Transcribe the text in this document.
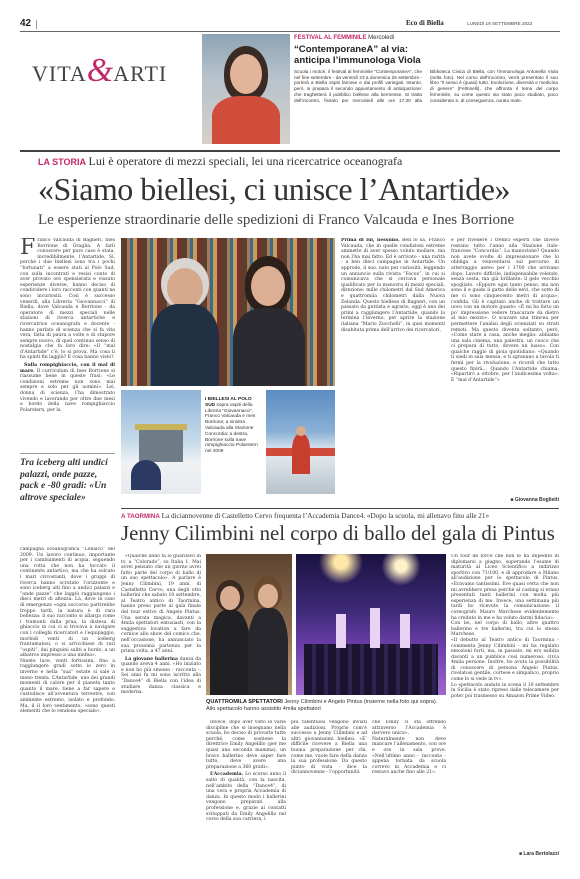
42	Eco di Biella	LUNEDÌ 19 SETTEMBRE 2022
VITA&ARTI
FESTIVAL AL FEMMINILE Mercoledì
“ContemporaneA” al via: anticipa l’immunologa Viola
Scuola i motori, il festival al femminile “ContemporaneA”, che nel fine settembre - da venerdì 23 a domenica 25 settembre - porterà a Biella ospiti famose e dai profili variegati. Intanto, però, si prepara il secondo appuntamento di anticipazione: che traghetterà il pubblico biellese alla kermesse. Si tratta dell’incontro, fissato per mercoledì alle ore 17.30 alla Biblioteca Civica di Biella, con l’immunologa Antonella Viola (nella foto). Nel corso dell’incontro, verrà presentato il suo libro “Il sesso è (quasi) tutto. Evoluzione, diversità e medicina di genere” (Feltrinelli), che affronta il tema del corpo femminile, su come questo sia stato poco studiato, poco considerato e, di conseguenza, curato male.
LA STORIA Lui è operatore di mezzi speciali, lei una ricercatrice oceanografa
«Siamo biellesi, ci unisce l’Antartide»
Le esperienze straordinarie delle spedizioni di Franco Valcauda e Ines Borrione

Franco Valcauda di Bagneri, Ines Borrione di Graglia. A farli conoscere per puro caso è stata, incredibilmente, l’Antartide. Sì, perché i due biellesi sono tra i pochi “fortunati” a essere stati al Polo Sud, con sulla incontrati e resisi conto di aver provato ore spensierata e vissuto esperienze diverse, hanno deciso di condividere i loro racconti con quanti ne sono incuriositi. Così è successo venerdì, alla Libreria “Giovannacci” di Biella, dove Valcauda e Borrione - da operatore di mezzi speciali nelle stazioni di ricerca antartiche e ricercatrice oceanografa e docente - hanno parlato di scienza che si fa vita vera, fatta di paura a volte e di stupore sempre nuovo, di quel continuo senso di nostalgia che fa loro dire: «Il “mal d’Antartide” c’è, lo si prova. Ma cosa li ha spinti fin laggiù? E cosa hanno visto?

Sulla rompighiaccio, con il mal di mare. Il curriculum di Ines Borrione si riassume bene in queste frasi: «Le condizioni estreme non sono mai sempre e solo per gli uomini». Lei, donna di scienza, l’ha dimostrato vivendo e lavorando per oltre due mesi a bordo della nave rompighiaccio Polarstern, per la

Prima di lui, nessuno. Ben lo sa, Franco Valcauda, che in quelle condizioni estreme ammette di aver spesso voluto mollare, ma non l’ha mai fatto. Ed è arrivato - una rarità - a ben dieci campagne in Antartide. Un approdo, il suo, nato per curiosità, leggendo un annuncio sulla rivista “Focus”, in cui si comunicava che si cercava personale qualificato per la manovra di mezzi speciali, direzione: mille chilometri dal Sud America e quattromila chilometri dalla Nuova Zelanda. Questo biellese di Bagneri, con un passato da guttista e agrario, oggi è uno dei primi a raggiungere l’Antartide, quando la termina l’inverno, per aprire la stazione italiana “Mario Zucchelli”, in quei momenti disabitata prima dell’arrivo dei ricercatori,

e per rivedere i tredici esperti che invece restano tutto l’anno alla Stazione italo-francese “Concordia”. La manovione? Quando non avete svolte di impressionare che lo obbliga a reinventarsi sul percorso di atterraggio aereo per i 1700 che arrivano dopo. Lavoro difficile, indispensabile volendo, senza sosta, ma già brillante: il gelo vecchio spogliato. «Eppure ogni tanto penso, ma non sono lì e guido il gatto delle nevi, che sotto di me ci sono cinquecento metri di acqua», confida. Gli è capitato anche di trattare un uovo con un motore guasto: «È mi ha fatto un po’ impressione vedere trascurare da dietro al mio mezzo». O scavare una trincea per permettere l’analisi degli scienziati su strati remoti. Ma questo diventa soltanto, però, «Come stare a casa, anche meglio: abbiamo una sala cinema, una palestra, un cuoco che ci prepara di tutto, dovere un lusso». Con qualche raggio di gioia quotidiano: «Quando ti siedi in sala mensa, e ti sgranano a tavola ti fermi per la rivoluzione, e ricordi che tutto questo finirà... Quando l’Antartide chiama: «Ripartirò a ottobre, per l’undicesima volta». E “mal d’Antartide”»

■ Giovanna Boglietti
I BIELLESI AL POLO SUD sopra ospiti della Libreria “Giovannacci”, Franco Valcauda e Ines Borrione; a sinistra Valcauda alla Stazione Concordia; a destra, Borrione sulla nave rompighiaccio Polarstern nel 2009
Tra iceberg alti undici palazzi, onde pazze, pack e -80 gradi: «Un altrove speciale»
campagna oceanografica “Lobalco” del 2009. Un lavoro continuo, importante per i cambiamenti di acqua, seguendo una rotta che non ha toccato il continente antartico, ma che ha solcato i mari circostanti, dove i gruppi di ricerca hanno scrutato l’orizzonte e sono iceberg alti fino a undici palazzi e “onde pazze” che laggiù raggiungono i dieci metri di altezza. Là, dove in caso di emergenza «ogni soccorso partirebbe troppo tardi, la natura è di rara bellezza: il suo racconto si allarga come i tramonti dalla prua, la distesa di ghiaccio in cui ci si trovava a navigare con i colleghi ricercatori e l’equipaggio, morbidi venti di un iceberg frantumatosi, o si arricchisse di rari “ospiti”, dai pinguini saliti a bordo, a un albatros impresso a una ninfea».
Niente luce, venti fortissimi, fino a raggiungere gradi sotto lo zero in inverno e nella “sua” estate si sale a meno trenta. L’Antartide, uno dei grandi momenti di calore per il pianeta tanto quanto il mare, tiene a far sapere e custodisce all’avventura terrestre, con ambiente estremo, isolato e profondo. Ma, il il loro sentimento, «sono questi elementi che lo rendono speciale».
A TAORMINA La diciannovenne di Castelletto Cervo frequenta l’Accademia Dance4. «Dopo la scuola, mi allenavo fino alle 21»
Jenny Cilimbini nel corpo di ballo del gala di Pintus

«Qualche anno fa lo guardavo in tv, a “Colorado”, su Italia 1. Mai avrei pensato che un giorno avrei fatto parte del corpo di ballo di un suo spettacolo». A parlare è Jenny Cilimbini, 19 anni, di Castelletto Cervo, una degli otto ballerini che sabato 10 settembre, al Teatro antico di Taormina, hanno preso parte al gala finale del tour estivo di Angelo Pintus. Una serata magica, davanti a 4mila spettatori entusiasti, con la suggestiva location a fare da cornice allo show del comico che, nell’occasione, ha annunciato la sua prossima partenza per la prima volta, a 47 anni.

La giovane ballerina danza da quando aveva 4 anni. «Ho iniziato e non ho più smesso - racconta -. Sei anni fa mi sono iscritta alla “Dance4” di Biella con l’idea di studiare danza classica e moderna.

QUATTROMILA SPETTATORI Jenny Cilimbini e Angelo Pintus (insieme nella foto qui sopra). Allo spettacolo hanno assistito 4mila spettatori

Invece, dopo aver visto le varie discipline che si insegnano nella scuola, ho deciso di provarle tutte perché, come sostiene la direttrice Emily Angelillo (per me quasi una seconda mamma), un bravo ballerino deve saper fare tutto, deve avere una preparazione a 360 gradi».

L’Accademia. Lo scorso anno il salto di qualità, con la nascita, nell’ambito della “Dance4”, di una vera e propria Accademia di danza. In questo modo i ballerini vengono preparati alla professione e, grazie ai contatti sviluppati da Emily Angelillo nel corso della sua carriera, i

più talentuosi vengono inviati alle audizioni. Proprio com’è successo a Jenny Cilimbini e ad altri giovanissimi biellesi. «E’ difficile ricevere a Biella una buona preparazione per chi, come me, vuole fare della danza la sua professione. Da questo punto di vista - dice la diciannovenne - l’opportunità

che Emily ci sta offrendo attraverso l’Accademia è davvero unica».
Naturalmente non deve mancare l’allenamento, con ore e ore in sala prove. «Nell’ultimo anno - racconta - appena tornata da scuola correvo in Accademia e ci restavo anche fino alle 21».
Un tour de force che non le ha impedito di diplomarsi a giugno, superando l’esame di maturità al Liceo Scientifico a indirizzo sportivo con 71/100, e di approdare a Milano all’audizione per lo spettacolo di Pintus. «Eravamo tantissimi. Eve quasi certa che non mi avrebbero presa perché al casting si erano presentati tanti ballerini con molta più esperienza di me. Invece, una settimana più tardi ho ricevuto la comunicazione: il coreografo Mauro Marchese evidentemente ha creduto in me e ha voluto darmi fiducia».
Con lei, nel corpo di ballo, altre quattro ballerine e tre ballerini, tra cui lo stesso Marchese.
«Il debutto al Teatro antico di Taormina - commenta Jenny Cilimbini - mi ha regalato emozioni forti, ma, in passato, mi ero esibita davanti a un pubblico così numeroso, circa 4mila persone. Inoltre, ho avuto la possibilità di conoscere di persona Angelo Pintus, rivelatosi gentile, cortese e simpatico, proprio come lo si vede in tv».
Lo spettacolo andato in scena il 10 settembre in Sicilia è stato ripreso dalle telecamere per poter poi trasmesso su Amazon Prime Video.
■ Lara Bertolazzi
